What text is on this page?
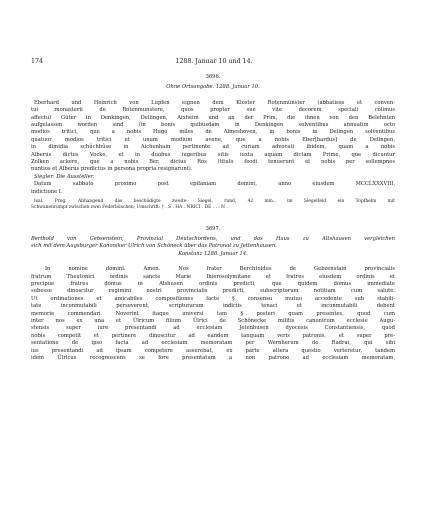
174	1288. Januar 10 und 14.
3696.
Ohne Ortsangabe. 1288. Januar 10.
Eberhard und Heinrich von Lupfen eignen dem Kloster Rotenmünster (abbatisse et conven-
tui monasterii de Rotenmunstere, quos propter sue vite decorem speciali colimus
affectu) Güter in Denkingen, Dellingen, Aixheim und an der Prim, die ihnen von den Belehnten
aufgelassen worden sind (in bonis quibusdam in Denkingen solventibus annuatim octo
modios tritici, que a nobis Hugo miles de Almeshoven, in bonis in Delingen solventibus
quatuor modios tritici et unum modium avene, que a nobis Eber[hardus] de Delingen,
in dimidia schûchbûse in Aichenhain pertinente ad curiam advocati ibidem, quam a nobis
Alberus dictus Vocko, et in duobus iugeribus sitis iuxta aquam dictam Prime, que dicuntur
Zolken ackere, que a nobis Ber. dictus Ros (titulo feodi tenuerunt et nobis per sollempnes
nuntios et Alberus predictus in persona propria resignarunt).
Siegler: Die Aussteller.
Datum sabbato proximo post epifaniam domini, anno eiusdem MCCLXXXVIII,
indictione I.
Isal. Prog. Abhangend das beschädigte zweite Siegel, rund, 42 mm., im Siegelfeld ein Topfhelm mit
Schwanenrumpf zwischen zwei Federbüschen; Umschrift: † . S . HA . NRICI . DE . . . N .
3697.
Berthold von Gebsenstein, Provinzial Deutschordens, und das Haus zu Altshausen vergleichen
sich mit dem Augsburger Kanoniker Ulrich von Schöneck über das Patronat zu Jettenhausen.
Konstanz 1288. Januar 14.
In nomine domini. Amen. Nos frater Berchtoldus de Gebzenstain provincialis
fratrum Theutonici ordinis sancte Marie Ihierosolymitane et fratres eiusdem ordinis et
precipue fratres domus in Alshusen ordinis predicti, que quidem domus immediate
subesse dinoscitur regimini nostri provincialis predicti, subscriptorum notitiam cum salute.
Ut ordinationes et amicabiles compositiones facte § consensu mutuo accedente sub stabili-
tate inconmutabili perseverent, scripturarum indiciis tenaci et inconmutabili debent
memorie commendari. Noverint itaque universi tam § posteri quam presentes, quod cum
inter nos ex una et Ûlricum filium Ûlrici de Schônecke militis canonicum ecclesie Augu-
stensis super iure presentandi ad ecclesiam Jetenhusen dyocesis Constantiensis, quod
nobis competit et pertinere dinoscitur ad eandem tanquam veris patronis, et super pre-
sentatione de ipso facta ad ecclesiam memoratam per Wernherum de Radrai, qui sibi
ius presentandi ad ipsam competere asserebat, ex parte altera questio verteretur, tandem
idem Ûlricus recognoscens se fore presentatum a non patrono ad ecclesiam memoratam,
